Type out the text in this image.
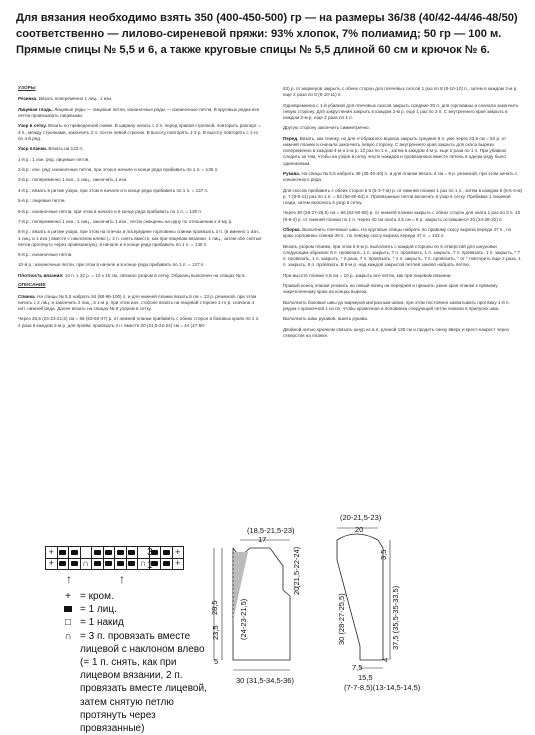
Для вязания необходимо взять 350 (400-450-500) гр — на размеры 36/38 (40/42-44/46-48/50) соответственно — лилово-сиреневой пряжи: 93% хлопок, 7% полиамид; 50 гр — 100 м. Прямые спицы № 5,5 и 6, а также круговые спицы № 5,5 длиной 60 см и крючок № 6.

УЗОРЫ

Резинка. Вязать попеременно 1 лиц., 1 изн.

Лицевая гладь. Лицевые ряды — лицевые петли, изнаночные ряды — изнаночные петли. В круговых рядах все петли провязывать лицевыми.

Узор в сетку. Вязать по приведенной схеме. В ширину начать с 2 п. перед правой стрелкой, повторить раппорт = 4 п., между стрелками, закончить 2 п. после левой стрелки. В высоту повторять 1-3 р. В высоту повторять с 1-го по 4-й ряд.

Узор планки. Вязать на 133 п.

1-й р.: 1 изн. ряд: лицевые петли.

2-й р.: изн. ряд: изнаночные петли, при этом в начале и конце ряда прибавить по 1 п. = 135 п.

3-й р.: попеременно 1 изн., 1 лиц., закончить 1 изн.

4-й р.: вязать в ритме узора, при этом в начале и в конце ряда прибавить по 1 п. = 137 п.

5-й р.: лицевые петли.

6-й р.: изнаночные петли, при этом в начале и в конце ряда прибавить по 1 п. = 139 п.

7-й р.: попеременно 1 изн., 1 лиц., закончить 1 изн.; петли смещены на одну по отношению к 3-му р.

8-й р.: вязать в ритме узора, при этом на плечах и посередине горловины спинки провязать 3 п. (в именно 1 изн., 1 лиц. и 1 изн.) вместе с наклоном влево (= 2 п. снять вместе, как при лицевом вязании, 1 лиц., затем обе снятые петли протянуть через провязанную), в начале и в конце ряда прибавить по 1 п. = 135 п.

9-й р.: изнаночные петли.

10-й р.: изнаночные петли, при этом в начале и в конце ряда прибавить по 1 п. = 137 п.

Плотность вязания: 14 п. х 22 р. = 10 х 10 см, связано узором в сетку. Образец выполнен на спицах № 6.

ОПИСАНИЕ

Спинка. На спицы № 5,5 набрать 84 (88-96-100) п. и для нижней планки вязать 5 см = 13 р. резинкой, при этом начать с 2 лиц. и закончить 2 лиц.; в 1-м р. при этом изн. стороне вязать на лицевой стороне 1-го р. сначала 4 нит. нижней ряда. Далее вязать на спицах № 6 узором в сетку.

Через 25,5 (24-23-21,5) см = 56 (53-50-47) р. от нижней планки прибавить с обеих сторон в боковых краях по 1 п. 4 раза в каждом 2-м р. для пройм, провязать 3 п. вместе 20 (21,5-22-24) см = 44 (47-50-

53) р. от маркеров закрыть с обеих сторон для плечевых скосов 1 раз по 8 (8-10-10) п., затем в каждом 2-м р. еще 2 раза по 8 (9-10-11) п.

Одновременно с 1-й убавкой для плечевых скосов закрыть средние 20 п. для горловины и сначала закончить левую сторону. Для закругления закрыть в каждом 2-м р. еще 1 раз по 2 п. С внутреннего края закрыть в каждом 2-м р. еще 2 раза по 1 п.

Другую сторону закончить симметрично.

Перед. Вязать, как спинку, но для V-образного выреза закрыть средние 8 п. уже через 23,5 см = 52 р. от нижней планки и сначала закончить левую сторону. С внутреннего края закрыть для скоса выреза попеременно в каждом 4-м и 2-м р. 12 раз по 1 п., затем в каждом 4-м р. еще 2 раза по 1 п. При убавках следить за тем, чтобы на узоре в сетку число накидов и провязанных вместе петель в одном ряду было одинаковым.

Рукава. На спицы № 5,5 набрать 38 (36-40-40) п. и для планки вязать 4 см = 9 р. резинкой, при этом начать с изнаночного ряда.

Для скосов прибавить с обеих сторон в 5 (5-3-7-м) р. от нижней планки 1 раз по 1 п., затем в каждом 8 (6-6-4-м) р. 7 (9-9-11) раз по 1 п. = 52 (56-60-64) п. Провязанные петли включать в узор в сетку. Прибавки 1 лицевой глади, затем включать в узор в сетку.

Через 30 (28-27-25,5) см = 66 (62-60-56) р. от нижней планки закрыть с обеих сторон для оката 1 раз по 3 п. 10 (8-6-4) р. от нижней планки по 1 п. Через 40 см оката 3,5 см = 8 р. закрыть оставшиеся 20 (24-28-32) п.

Сборка. Выполнить плечевые швы. На круговые спицы набрать по правому скосу выреза переда 47 п., по краю горловины спинки 39 п., по левому скосу выреза переда 47 п. = 133 п.

Вязать узором планки, при этом в 5-м р. выполнить с каждой стороны по 5 отверстий для шнуровки следующим образом: 6 п. провязать, 1 п. закрыть, 7 п. провязать, 1 п. закрыть, 7 п. провязать, 1 п. закрыть, * 7 п. провязать, 1 п. закрыть, * 2 раза, 7 п. провязать, * 1 п. закрыть, 7 п. провязать, * от * повторить еще 2 раза, 1 п. закрыть, 6 п. провязать. В 6-м р. над каждой закрытой петлей заново набрать петлю.

При высоте планки 4,5 см = 10 р. закрыть все петли, как при лицевом вязании.

Правый конец планки уложить на левый конец на передней и пришить узкие края планки к прямому закрепленному краю на концах выреза.

Выполнить боковые швы до маркеров матрасным швом, при этом постоянно захватывать протяжку 1-й п. рядом с кромочной 1 из по, чтобы кромочная и половинка следующей петли лежали в припуске шва.

Выполнить швы рукавов, вшить рукава.

Двойной нитью крючком связать шнур из в.п. длиной 135 см и продеть снизу вверх и крест-накрест через отверстия на планке.

+											+
+			∩					∩			+
3
1
↑	↑
+ = кром.
= 1 лиц.
□ = 1 накид
∩ = 3 п. провязать вместе лицевой с наклоном влево (= 1 п. снять, как при лицевом вязании, 2 п. провязать вместе лицевой, затем снятую петлю протянуть через провязанные)
(18,5-21,5-23)
17
20
(21,5-22-24)
23,5	(24-23-21,5)
28,5
5
30 (31,5-34,5-36)
(20-21,5-23)
20
3,5
30 (28-27-25,5)	37,5 (35,5-35-33,5)
15,5
(7-7-8,5)(13-14,5-14,5)
4
7,5
